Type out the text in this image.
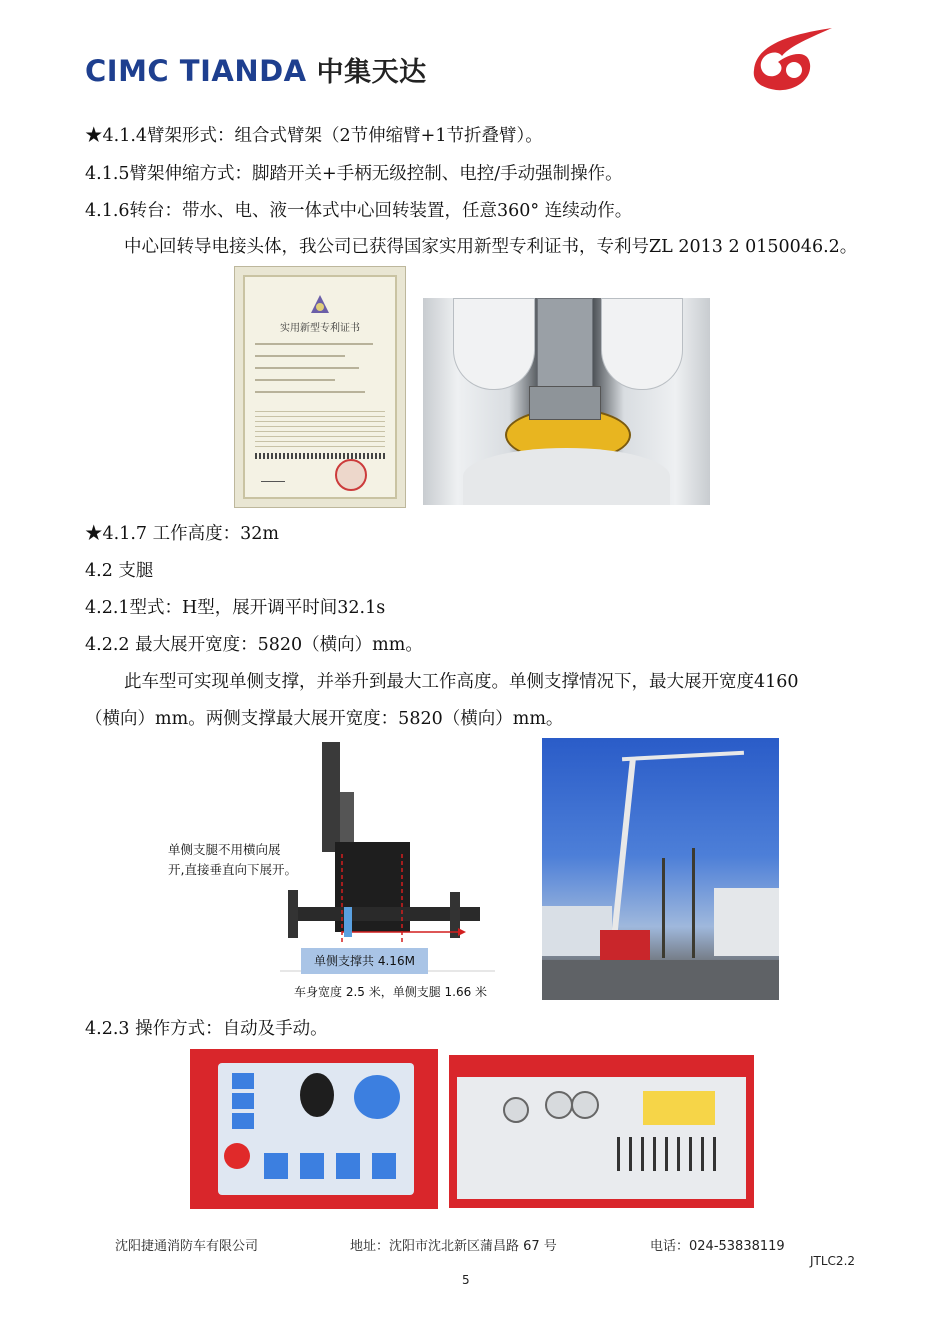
CIMC TIANDA 中集天达
★4.1.4臂架形式：组合式臂架（2节伸缩臂+1节折叠臂）。
4.1.5臂架伸缩方式：脚踏开关+手柄无级控制、电控/手动强制操作。
4.1.6转台：带水、电、液一体式中心回转装置，任意360° 连续动作。
中心回转导电接头体，我公司已获得国家实用新型专利证书，专利号ZL 2013 2 0150046.2。
实用新型专利证书
★4.1.7 工作高度：32m
4.2 支腿
4.2.1型式：H型，展开调平时间32.1s
4.2.2 最大展开宽度：5820（横向）mm。
此车型可实现单侧支撑，并举升到最大工作高度。单侧支撑情况下，最大展开宽度4160
（横向）mm。两侧支撑最大展开宽度：5820（横向）mm。
单侧支腿不用横向展
开,直接垂直向下展开。
单侧支撑共 4.16M
车身宽度 2.5 米，单侧支腿 1.66 米
4.2.3 操作方式：自动及手动。
沈阳捷通消防车有限公司	地址：沈阳市沈北新区蒲昌路 67 号	电话：024-53838119
JTLC2.2
5
